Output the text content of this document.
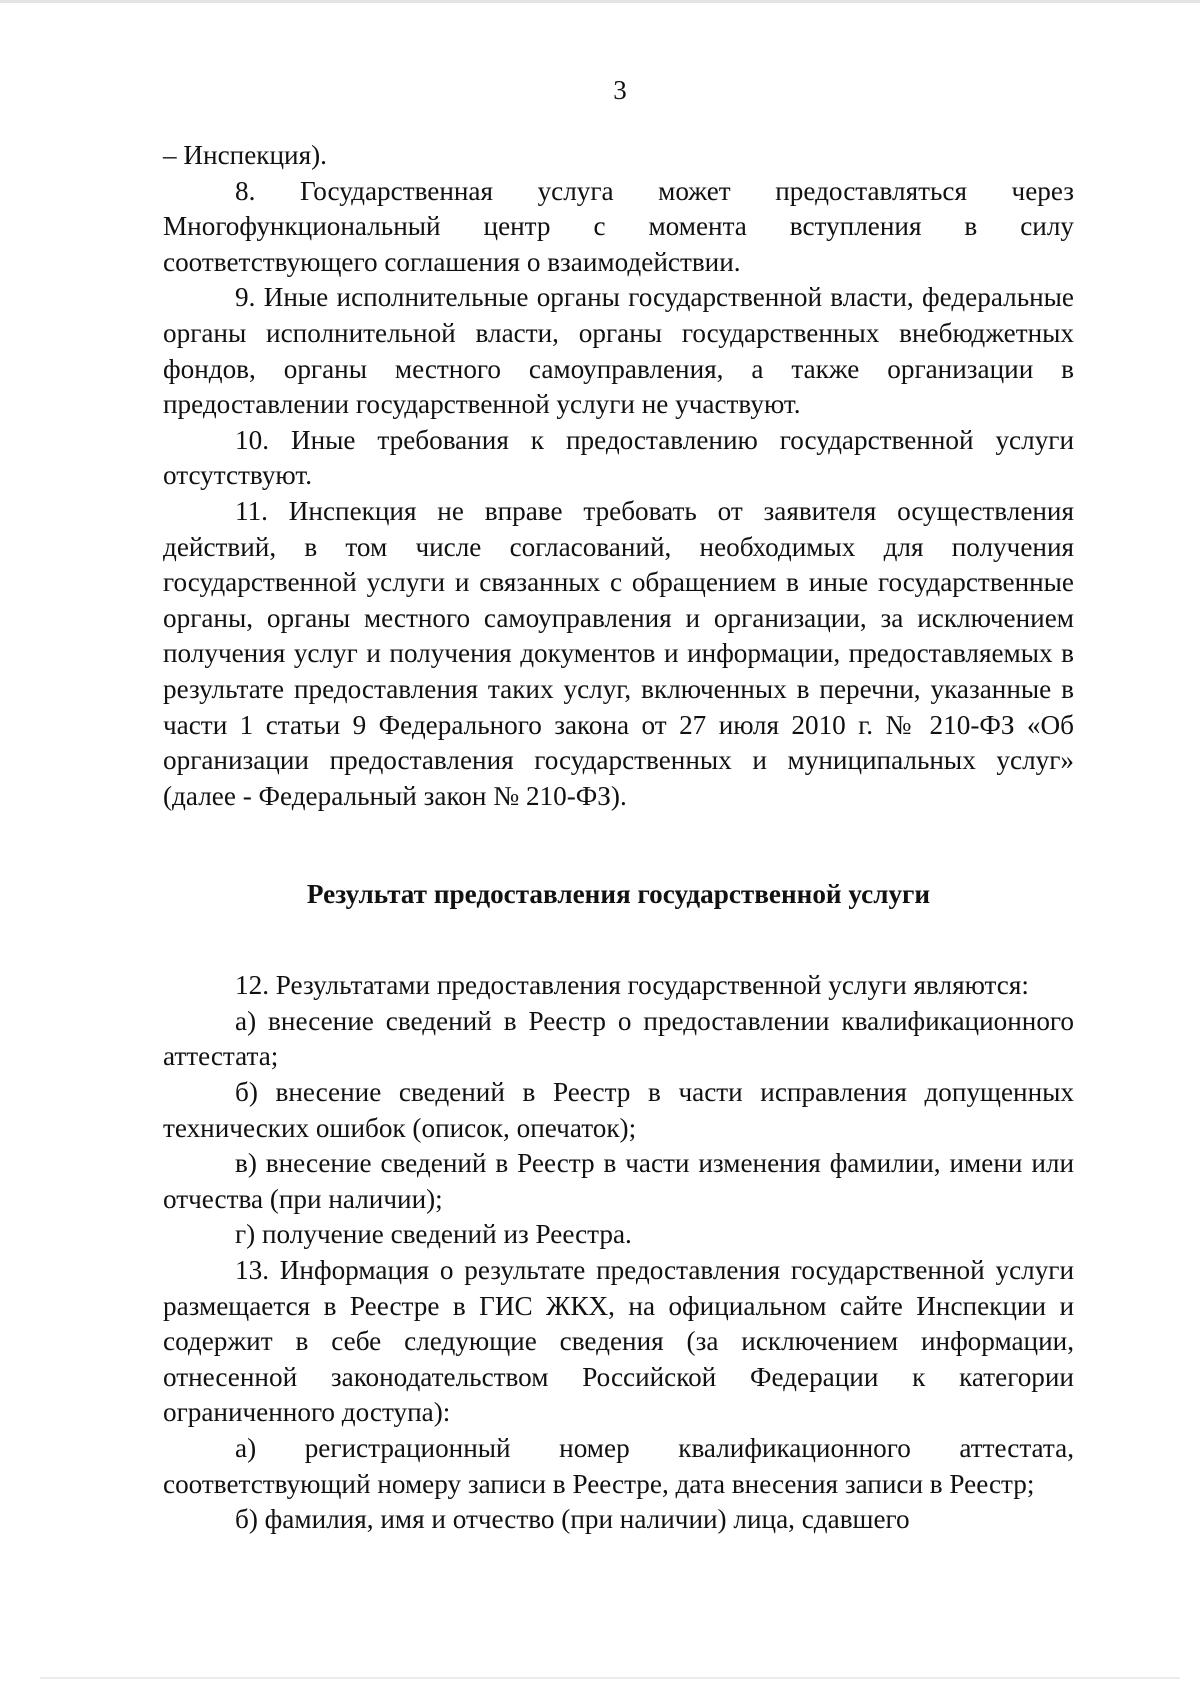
3

– Инспекция).

8. Государственная услуга может предоставляться через Многофункциональный центр с момента вступления в силу соответствующего соглашения о взаимодействии.

9. Иные исполнительные органы государственной власти, федеральные органы исполнительной власти, органы государственных внебюджетных фондов, органы местного самоуправления, а также организации в предоставлении государственной услуги не участвуют.

10. Иные требования к предоставлению государственной услуги отсутствуют.

11. Инспекция не вправе требовать от заявителя осуществления действий, в том числе согласований, необходимых для получения государственной услуги и связанных с обращением в иные государственные органы, органы местного самоуправления и организации, за исключением получения услуг и получения документов и информации, предоставляемых в результате предоставления таких услуг, включенных в перечни, указанные в части 1 статьи 9 Федерального закона от 27 июля 2010 г. № 210-ФЗ «Об организации предоставления государственных и муниципальных услуг» (далее - Федеральный закон № 210-ФЗ).

Результат предоставления государственной услуги

12. Результатами предоставления государственной услуги являются:

а) внесение сведений в Реестр о предоставлении квалификационного аттестата;

б) внесение сведений в Реестр в части исправления допущенных технических ошибок (описок, опечаток);

в) внесение сведений в Реестр в части изменения фамилии, имени или отчества (при наличии);

г) получение сведений из Реестра.

13. Информация о результате предоставления государственной услуги размещается в Реестре в ГИС ЖКХ, на официальном сайте Инспекции и содержит в себе следующие сведения (за исключением информации, отнесенной законодательством Российской Федерации к категории ограниченного доступа):

а) регистрационный номер квалификационного аттестата, соответствующий номеру записи в Реестре, дата внесения записи в Реестр;

б) фамилия, имя и отчество (при наличии) лица, сдавшего
